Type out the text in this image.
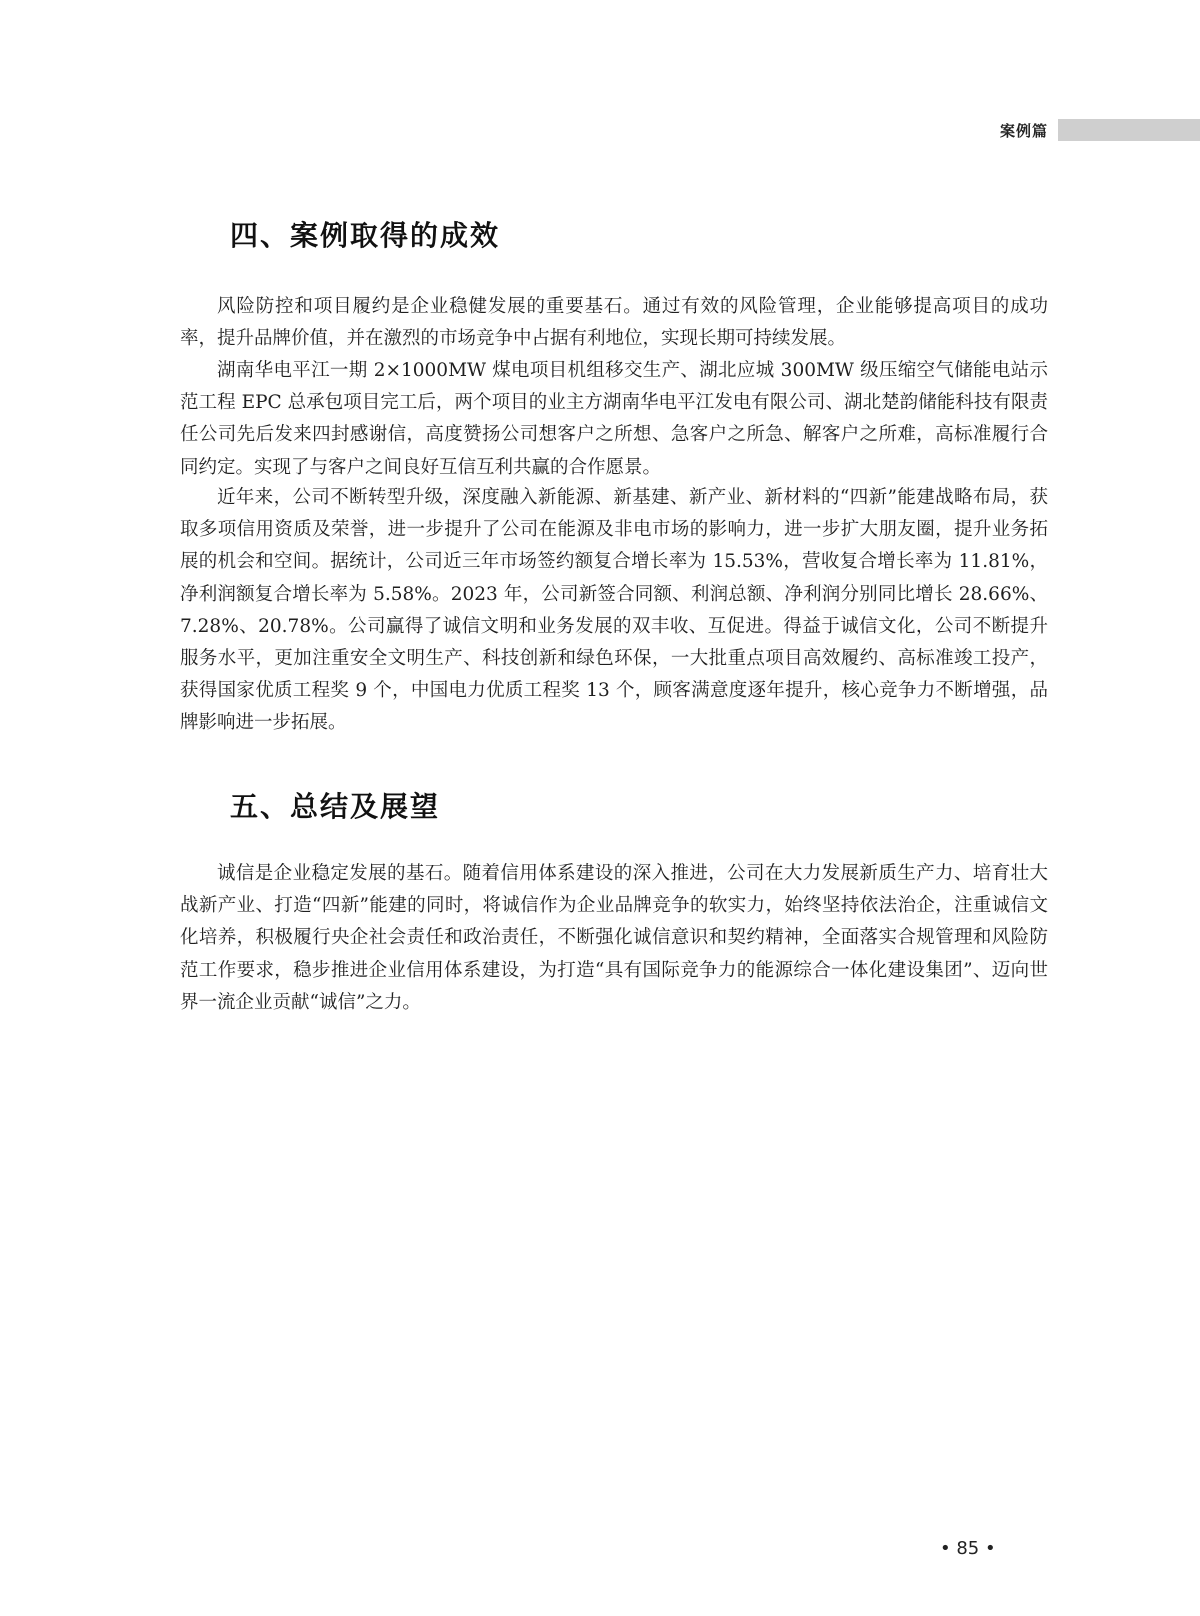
案例篇
四、案例取得的成效

风险防控和项目履约是企业稳健发展的重要基石。通过有效的风险管理，企业能够提高项目的成功率，提升品牌价值，并在激烈的市场竞争中占据有利地位，实现长期可持续发展。

湖南华电平江一期 2×1000MW 煤电项目机组移交生产、湖北应城 300MW 级压缩空气储能电站示范工程 EPC 总承包项目完工后，两个项目的业主方湖南华电平江发电有限公司、湖北楚韵储能科技有限责任公司先后发来四封感谢信，高度赞扬公司想客户之所想、急客户之所急、解客户之所难，高标准履行合同约定。实现了与客户之间良好互信互利共赢的合作愿景。

近年来，公司不断转型升级，深度融入新能源、新基建、新产业、新材料的“四新”能建战略布局，获取多项信用资质及荣誉，进一步提升了公司在能源及非电市场的影响力，进一步扩大朋友圈，提升业务拓展的机会和空间。据统计，公司近三年市场签约额复合增长率为 15.53%，营收复合增长率为 11.81%，净利润额复合增长率为 5.58%。2023 年，公司新签合同额、利润总额、净利润分别同比增长 28.66%、7.28%、20.78%。公司赢得了诚信文明和业务发展的双丰收、互促进。得益于诚信文化，公司不断提升服务水平，更加注重安全文明生产、科技创新和绿色环保，一大批重点项目高效履约、高标准竣工投产，获得国家优质工程奖 9 个，中国电力优质工程奖 13 个，顾客满意度逐年提升，核心竞争力不断增强，品牌影响进一步拓展。

五、总结及展望

诚信是企业稳定发展的基石。随着信用体系建设的深入推进，公司在大力发展新质生产力、培育壮大战新产业、打造“四新”能建的同时，将诚信作为企业品牌竞争的软实力，始终坚持依法治企，注重诚信文化培养，积极履行央企社会责任和政治责任，不断强化诚信意识和契约精神，全面落实合规管理和风险防范工作要求，稳步推进企业信用体系建设，为打造“具有国际竞争力的能源综合一体化建设集团”、迈向世界一流企业贡献“诚信”之力。

• 85 •
